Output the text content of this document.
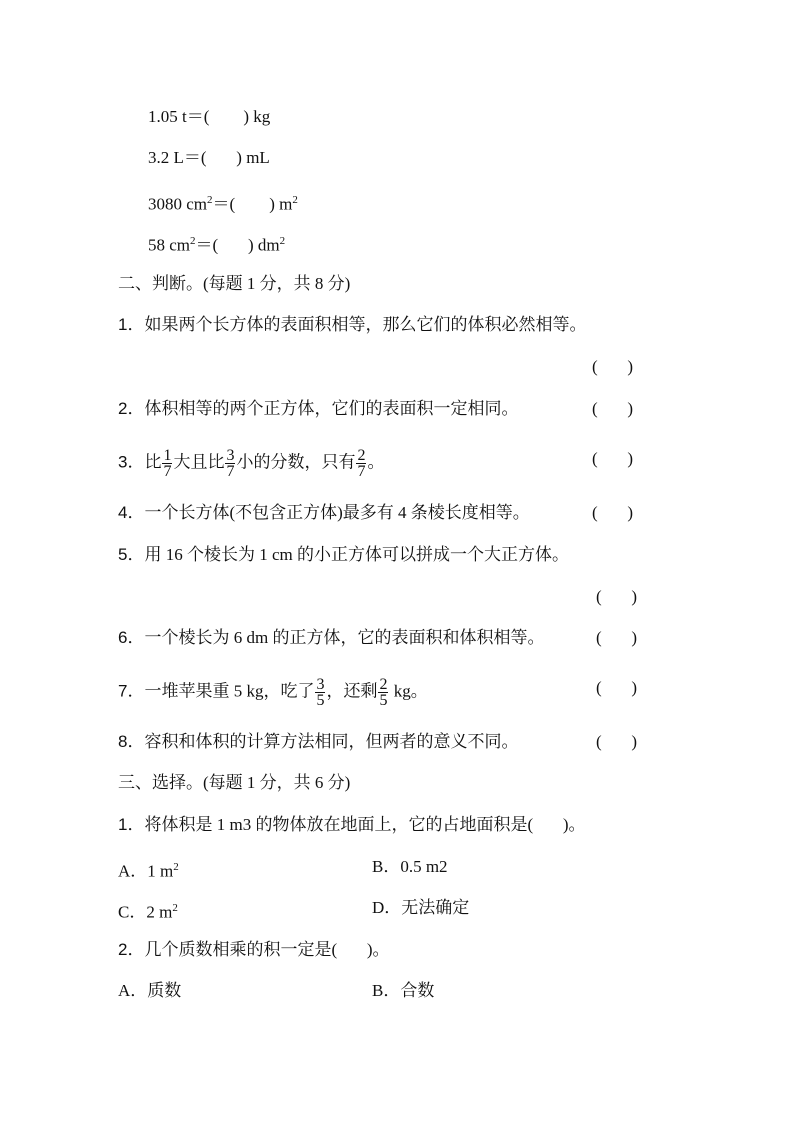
1.05 t＝( ) kg
3.2 L＝( ) mL
3080 $cm^2=$( ) $m^2$
58 $cm^2=$( ) $dm^2$
二、判断。(每题 1 分，共 8 分)
1．如果两个长方体的表面积相等，那么它们的体积必然相等。
(       )
2．体积相等的两个正方体，它们的表面积一定相同。	(       )
3．比 $\frac{1}{7}$ 大且比 $\frac{3}{7}$ 小的分数，只有 $\frac{2}{7}$ 。	(       )
4．一个长方体(不包含正方体)最多有 4 条棱长度相等。	(       )
5．用 16 个棱长为 1 cm 的小正方体可以拼成一个大正方体。
(       )
6．一个棱长为 6 dm 的正方体，它的表面积和体积相等。	(       )
7．一堆苹果重 5 kg，吃了 $\frac{3}{5}$ ，还剩 $\frac{2}{5}$ kg。	(       )
8．容积和体积的计算方法相同，但两者的意义不同。	(       )
三、选择。(每题 1 分，共 6 分)
1．将体积是 1 m3 的物体放在地面上，它的占地面积是(       )。
A．1 $m^2$	B．0.5 m2
C．2 $m^2$	D．无法确定
2．几个质数相乘的积一定是(       )。
A．质数	B．合数
